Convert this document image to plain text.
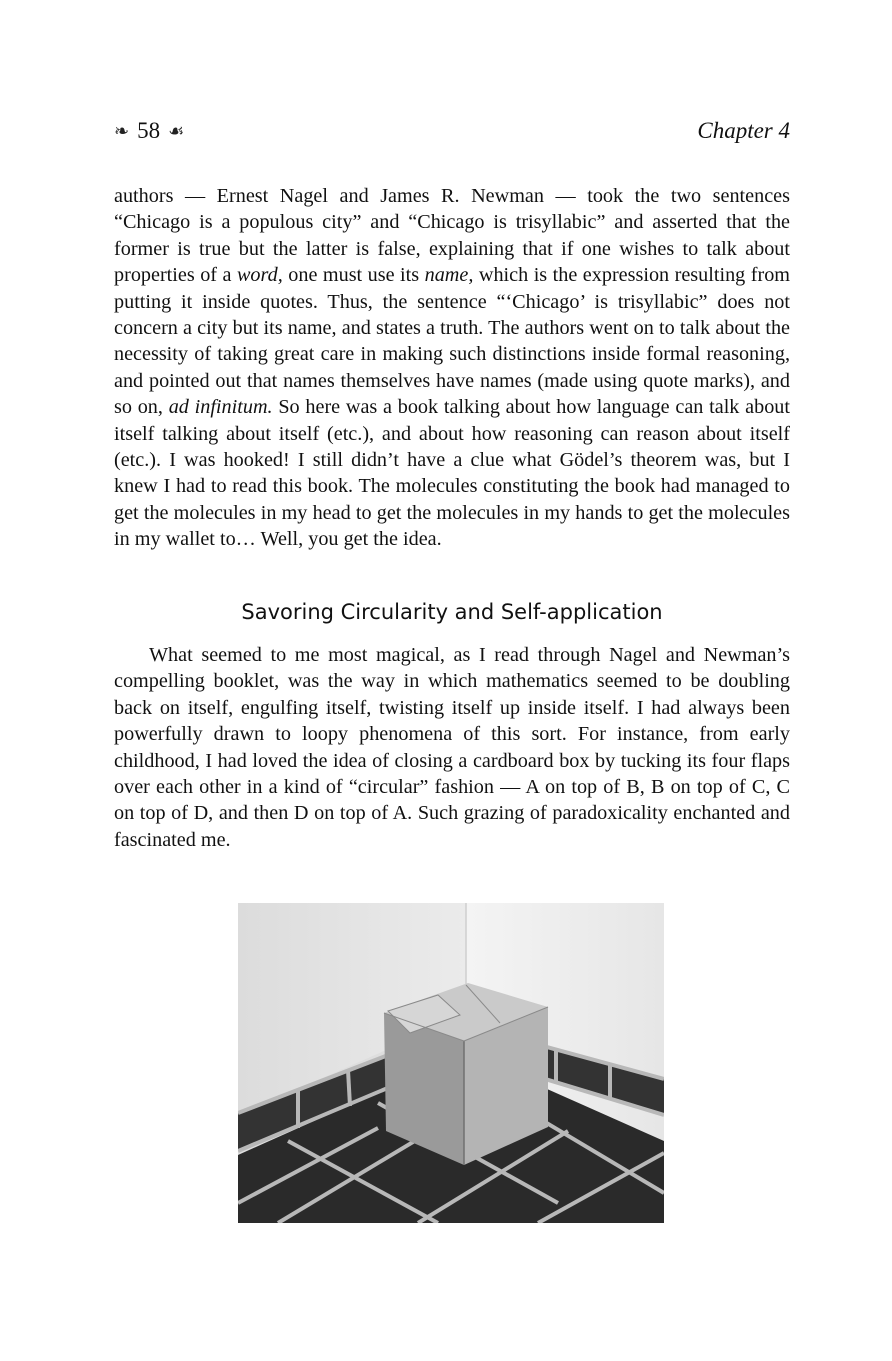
❧ 58 ☙	Chapter 4

authors — Ernest Nagel and James R. Newman — took the two sentences “Chicago is a populous city” and “Chicago is trisyllabic” and asserted that the former is true but the latter is false, explaining that if one wishes to talk about properties of a word, one must use its name, which is the expression resulting from putting it inside quotes. Thus, the sentence “‘Chicago’ is trisyllabic” does not concern a city but its name, and states a truth. The authors went on to talk about the necessity of taking great care in making such distinctions inside formal reasoning, and pointed out that names themselves have names (made using quote marks), and so on, ad infinitum. So here was a book talking about how language can talk about itself talking about itself (etc.), and about how reasoning can reason about itself (etc.). I was hooked! I still didn’t have a clue what Gödel’s theorem was, but I knew I had to read this book. The molecules constituting the book had managed to get the molecules in my head to get the molecules in my hands to get the molecules in my wallet to… Well, you get the idea.

Savoring Circularity and Self-application

What seemed to me most magical, as I read through Nagel and Newman’s compelling booklet, was the way in which mathematics seemed to be doubling back on itself, engulfing itself, twisting itself up inside itself. I had always been powerfully drawn to loopy phenomena of this sort. For instance, from early childhood, I had loved the idea of closing a cardboard box by tucking its four flaps over each other in a kind of “circular” fashion — A on top of B, B on top of C, C on top of D, and then D on top of A. Such grazing of paradoxicality enchanted and fascinated me.
